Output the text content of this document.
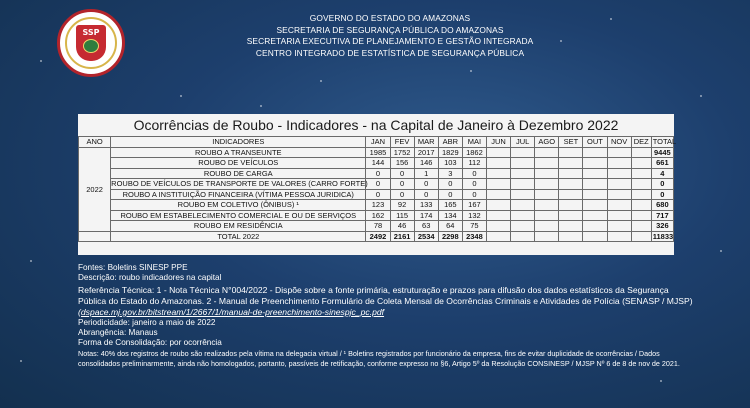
SSP
GOVERNO DO ESTADO DO AMAZONAS
SECRETARIA DE SEGURANÇA PÚBLICA DO AMAZONAS
SECRETARIA EXECUTIVA DE PLANEJAMENTO E GESTÃO INTEGRADA
CENTRO INTEGRADO DE ESTATÍSTICA DE SEGURANÇA PÚBLICA
Ocorrências de Roubo - Indicadores - na Capital de Janeiro à Dezembro 2022
ANO	INDICADORES	JAN	FEV	MAR	ABR	MAI	JUN	JUL	AGO	SET	OUT	NOV	DEZ	TOTAL
2022	ROUBO A TRANSEUNTE	1985	1752	2017	1829	1862								9445

	ROUBO DE VEÍCULOS	144	156	146	103	112								661

	ROUBO DE CARGA	0	0	1	3	0								4

	ROUBO DE VEÍCULOS DE TRANSPORTE DE VALORES (CARRO FORTE)	0	0	0	0	0								0

	ROUBO A INSTITUIÇÃO FINANCEIRA (VÍTIMA PESSOA JURIDICA)	0	0	0	0	0								0

	ROUBO EM COLETIVO (ÔNIBUS) ¹	123	92	133	165	167								680

	ROUBO EM ESTABELECIMENTO COMERCIAL E OU DE SERVIÇOS	162	115	174	134	132								717

	ROUBO EM RESIDÊNCIA	78	46	63	64	75								326
	TOTAL 2022	2492	2161	2534	2298	2348								11833
Fontes: Boletins SINESP PPE
Descrição: roubo indicadores na capital
Referência Técnica: 1 - Nota Técnica N°004/2022 - Dispõe sobre a fonte primária, estruturação e prazos para difusão dos dados estatísticos da Segurança Pública do Estado do Amazonas. 2 - Manual de Preenchimento Formulário de Coleta Mensal de Ocorrências Criminais e Atividades de Polícia (SENASP / MJSP) (dspace.mj.gov.br/bitstream/1/2667/1/manual-de-preenchimento-sinespjc_pc.pdf
Periodicidade: janeiro a maio de 2022
Abrangência: Manaus
Forma de Consolidação: por ocorrência
Notas: 40% dos registros de roubo são realizados pela vítima na delegacia virtual / ¹ Boletins registrados por funcionário da empresa, fins de evitar duplicidade de ocorrências / Dados consolidados preliminarmente, ainda não homologados, portanto, passíveis de retificação, conforme expresso no §6, Artigo 5º da Resolução CONSINESP / MJSP Nº 6 de 8 de nov de 2021.
